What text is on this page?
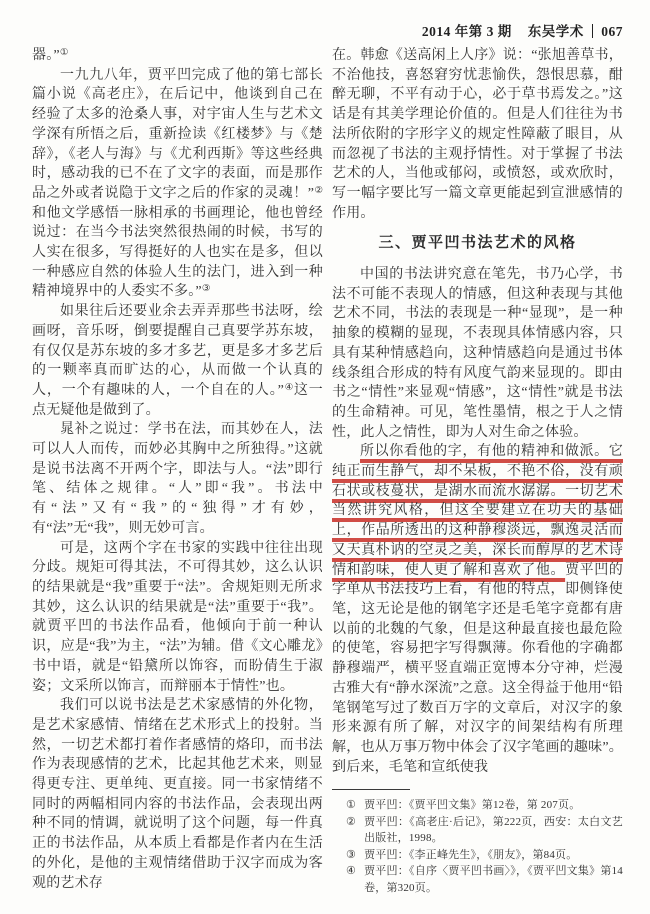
2014 年第 3 期 东吴学术 067

器。”①

一九九八年，贾平凹完成了他的第七部长篇小说《高老庄》，在后记中，他谈到自己在经验了太多的沧桑人事，对宇宙人生与艺术文学深有所悟之后，重新捡读《红楼梦》与《楚辞》，《老人与海》与《尤利西斯》等这些经典时，感动我的已不在了文字的表面，而是那作品之外或者说隐于文字之后的作家的灵魂！”②和他文学感悟一脉相承的书画理论，他也曾经说过：在当今书法突然很热闹的时候，书写的人实在很多，写得挺好的人也实在是多，但以一种感应自然的体验人生的法门，进入到一种精神境界中的人委实不多。”③

如果往后还要业余去弄弄那些书法呀，绘画呀，音乐呀，倒要提醒自己真要学苏东坡，有仅仅是苏东坡的多才多艺，更是多才多艺后的一颗率真而旷达的心，从而做一个认真的人，一个有趣味的人，一个自在的人。”④这一点无疑他是做到了。

晁补之说过：学书在法，而其妙在人，法可以人人而传，而妙必其胸中之所独得。”这就是说书法离不开两个字，即法与人。“法”即行笔、结体之规律。“人”即“我”。书法中有“法”又有“我”的“独得”才有妙，有“法”无“我”，则无妙可言。

可是，这两个字在书家的实践中往往出现分歧。规矩可得其法，不可得其妙，这么认识的结果就是“我”重要于“法”。舍规矩则无所求其妙，这么认识的结果就是“法”重要于“我”。就贾平凹的书法作品看，他倾向于前一种认识，应是“我”为主，“法”为辅。借《文心雕龙》书中语，就是“铅黛所以饰容，而盼倩生于淑姿；文采所以饰言，而辩丽本于情性”也。

我们可以说书法是艺术家感情的外化物，是艺术家感情、情绪在艺术形式上的投射。当然，一切艺术都打着作者感情的烙印，而书法作为表现感情的艺术，比起其他艺术来，则显得更专注、更单纯、更直接。同一书家情绪不同时的两幅相同内容的书法作品，会表现出两种不同的情调，就说明了这个问题，每一件真正的书法作品，从本质上看都是作者内在生活的外化，是他的主观情绪借助于汉字而成为客观的艺术存

在。韩愈《送高闲上人序》说：“张旭善草书，不治他技，喜怒窘穷忧悲愉佚，怨恨思慕，酣醉无聊，不平有动于心，必于草书焉发之。”这话是有其美学理论价值的。但是人们往往为书法所依附的字形字义的规定性障蔽了眼目，从而忽视了书法的主观抒情性。对于掌握了书法艺术的人，当他或郁闷，或愤怒，或欢欣时，写一幅字要比写一篇文章更能起到宣泄感情的作用。

三、贾平凹书法艺术的风格

中国的书法讲究意在笔先，书乃心学，书法不可能不表现人的情感，但这种表现与其他艺术不同，书法的表现是一种“显现”，是一种抽象的模糊的显现，不表现具体情感内容，只具有某种情感趋向，这种情感趋向是通过书体线条组合形成的特有风度气韵来显现的。即由书之“情性”来显观“情感”，这“情性”就是书法的生命精神。可见，笔性墨情，根之于人之情性，此人之情性，即为人对生命之体验。

所以你看他的字，有他的精神和做派。它纯正而生静气，却不呆板，不艳不俗，没有顽石状或枝蔓状，是湖水而流水潺潺。一切艺术当然讲究风格，但这全要建立在功夫的基础上，作品所透出的这种静穆淡远，飘逸灵活而又天真朴讷的空灵之美，深长而醇厚的艺术诗情和韵味，使人更了解和喜欢了他。贾平凹的字单从书法技巧上看，有他的特点，即侧锋使笔，这无论是他的钢笔字还是毛笔字竟都有唐以前的北魏的气象，但是这种最直接也最危险的使笔，容易把字写得飘薄。你看他的字确都静穆端严，横平竖直端正宽博本分守神，烂漫古雅大有“静水深流”之意。这全得益于他用“铅笔钢笔写过了数百万字的文章后，对汉字的象形来源有所了解，对汉字的间架结构有所理解，也从万事万物中体会了汉字笔画的趣味”。到后来，毛笔和宣纸使我

① 贾平凹：《贾平凹文集》第12卷，第 207页。
② 贾平凹：《高老庄·后记》，第222页，西安：太白文艺出版社，1998。
③ 贾平凹：《李正峰先生》，《朋友》，第84页。
④ 贾平凹：《自序〈贾平凹书画〉》，《贾平凹文集》第14卷，第320页。
